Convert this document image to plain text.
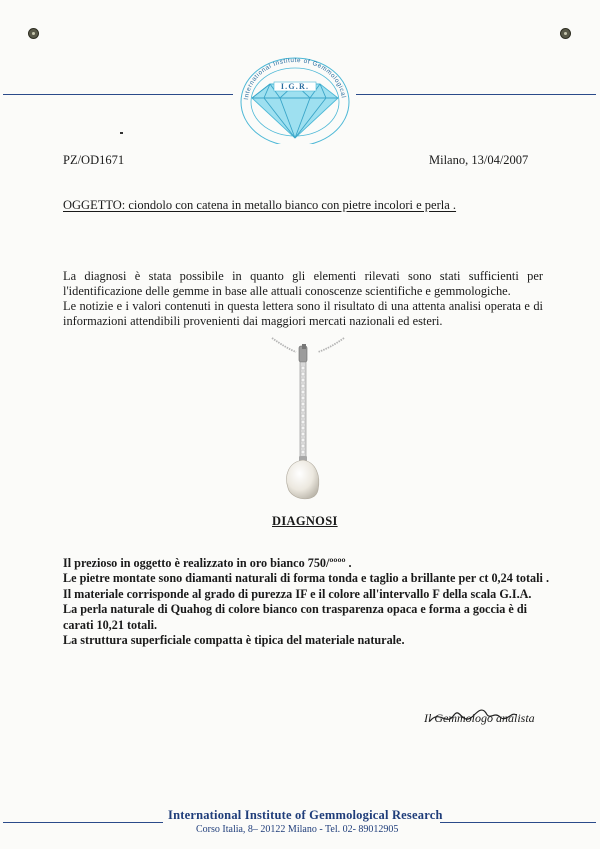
International Institute of Gemmological
I.G.R.
PZ/OD1671	Milano, 13/04/2007
OGGETTO: ciondolo con catena in metallo bianco con pietre incolori e perla .

La diagnosi è stata possibile in quanto gli elementi rilevati sono stati sufficienti per l'identificazione delle gemme in base alle attuali conoscenze scientifiche e gemmologiche.

Le notizie e i valori contenuti in questa lettera sono il risultato di una attenta analisi operata e di informazioni attendibili provenienti dai maggiori mercati nazionali ed esteri.

DIAGNOSI

Il prezioso in oggetto è realizzato in oro bianco 750/ºººº .

Le pietre montate sono diamanti naturali di forma tonda e taglio a brillante per ct 0,24 totali .

Il materiale corrisponde al grado di purezza IF e il colore all'intervallo F della scala G.I.A.

La perla naturale di Quahog di colore bianco con trasparenza opaca e forma a goccia è di carati 10,21 totali.

La struttura superficiale compatta è tipica del materiale naturale.

Il Gemmologo analista
International Institute of Gemmological Research
Corso Italia, 8– 20122 Milano - Tel. 02- 89012905
